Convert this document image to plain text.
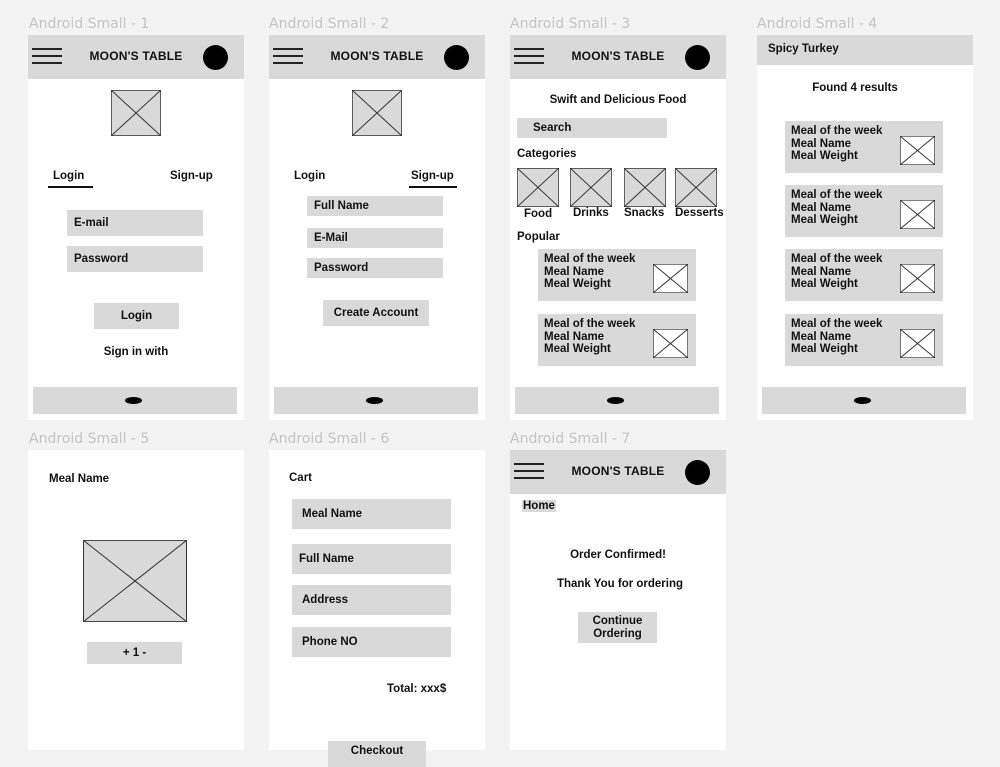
Android Small - 1
MOON'S TABLE
Login	Sign-up
E-mail
Password
Login
Sign in with
Android Small - 2
MOON'S TABLE
Login	Sign-up
Full Name
E-Mail
Password
Create Account
Android Small - 3
MOON'S TABLE
Swift and Delicious Food
Search
Categories
Food Drinks Snacks Desserts
Popular
Meal of the week
Meal Name
Meal Weight
Meal of the week
Meal Name
Meal Weight
Android Small - 4
Spicy Turkey
Found 4 results
Meal of the week
Meal Name
Meal Weight
Meal of the week
Meal Name
Meal Weight
Meal of the week
Meal Name
Meal Weight
Meal of the week
Meal Name
Meal Weight
Android Small - 5
Meal Name
+ 1 -
Android Small - 6
Cart
Meal Name
Full Name
Address
Phone NO
Total: xxx$
Checkout
Android Small - 7
MOON'S TABLE
Home
Order Confirmed!
Thank You for ordering
Continue
Ordering
